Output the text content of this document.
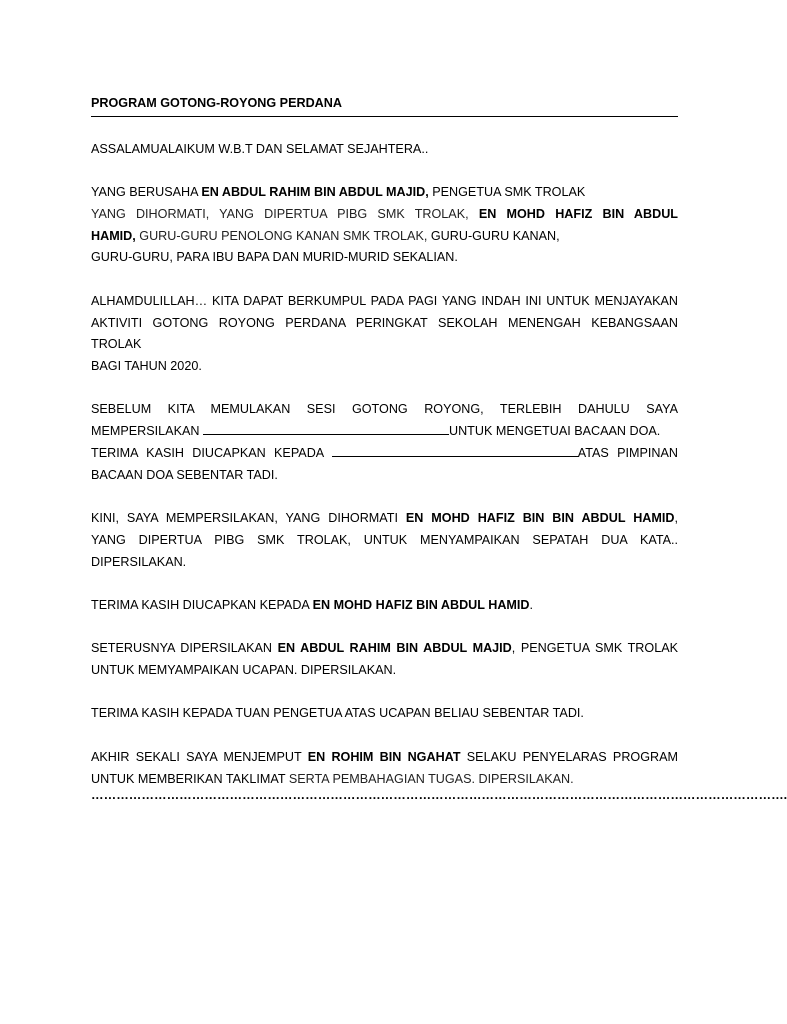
PROGRAM GOTONG-ROYONG PERDANA

ASSALAMUALAIKUM W.B.T DAN SELAMAT SEJAHTERA..

YANG BERUSAHA EN ABDUL RAHIM BIN ABDUL MAJID, PENGETUA SMK TROLAK
YANG DIHORMATI, YANG DIPERTUA PIBG SMK TROLAK, EN MOHD HAFIZ BIN ABDUL
HAMID, GURU-GURU PENOLONG KANAN SMK TROLAK, GURU-GURU KANAN,
GURU-GURU, PARA IBU BAPA DAN MURID-MURID SEKALIAN.

ALHAMDULILLAH… KITA DAPAT BERKUMPUL PADA PAGI YANG INDAH INI UNTUK MENJAYAKAN
AKTIVITI GOTONG ROYONG PERDANA PERINGKAT SEKOLAH MENENGAH KEBANGSAAN TROLAK
BAGI TAHUN 2020.

SEBELUM KITA MEMULAKAN SESI GOTONG ROYONG, TERLEBIH DAHULU SAYA
MEMPERSILAKAN	UNTUK MENGETUAI BACAAN DOA.
TERIMA KASIH DIUCAPKAN KEPADA	ATAS PIMPINAN
BACAAN DOA SEBENTAR TADI.

KINI, SAYA MEMPERSILAKAN, YANG DIHORMATI EN MOHD HAFIZ BIN BIN ABDUL HAMID,
YANG DIPERTUA PIBG SMK TROLAK, UNTUK MENYAMPAIKAN SEPATAH DUA KATA..
DIPERSILAKAN.

TERIMA KASIH DIUCAPKAN KEPADA EN MOHD HAFIZ BIN ABDUL HAMID.

SETERUSNYA DIPERSILAKAN EN ABDUL RAHIM BIN ABDUL MAJID, PENGETUA SMK TROLAK
UNTUK MEMYAMPAIKAN UCAPAN. DIPERSILAKAN.

TERIMA KASIH KEPADA TUAN PENGETUA ATAS UCAPAN BELIAU SEBENTAR TADI.

AKHIR SEKALI SAYA MENJEMPUT EN ROHIM BIN NGAHAT SELAKU PENYELARAS PROGRAM
UNTUK MEMBERIKAN TAKLIMAT SERTA PEMBAHAGIAN TUGAS. DIPERSILAKAN.

………………………………………………………………………………………………………………………………………………….
